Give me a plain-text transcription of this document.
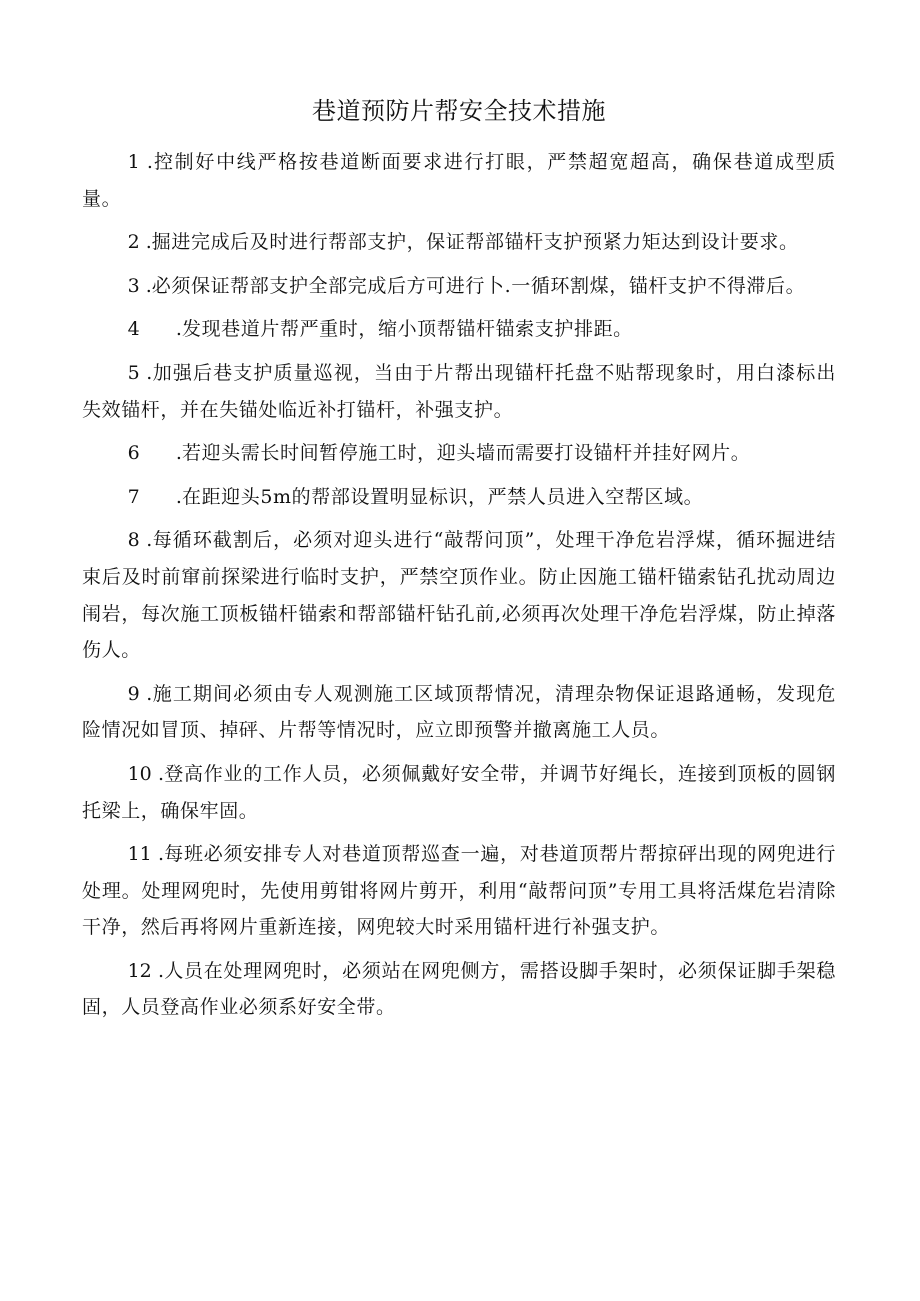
巷道预防片帮安全技术措施

1 .控制好中线严格按巷道断面要求进行打眼，严禁超宽超高，确保巷道成型质量。

2 .掘进完成后及时进行帮部支护，保证帮部锚杆支护预紧力矩达到设计要求。

3 .必须保证帮部支护全部完成后方可进行卜.一循环割煤，锚杆支护不得滞后。

4      .发现巷道片帮严重时，缩小顶帮锚杆锚索支护排距。

5 .加强后巷支护质量巡视，当由于片帮出现锚杆托盘不贴帮现象时，用白漆标出失效锚杆，并在失锚处临近补打锚杆，补强支护。

6      .若迎头需长时间暂停施工时，迎头墙而需要打设锚杆并挂好网片。

7      .在距迎头5m的帮部设置明显标识，严禁人员进入空帮区域。

8 .每循环截割后，必须对迎头进行“敲帮问顶”，处理干净危岩浮煤，循环掘进结束后及时前窜前探梁进行临时支护，严禁空顶作业。防止因施工锚杆锚索钻孔扰动周边闱岩，每次施工顶板锚杆锚索和帮部锚杆钻孔前,必须再次处理干净危岩浮煤，防止掉落伤人。

9 .施工期间必须由专人观测施工区域顶帮情况，清理杂物保证退路通畅，发现危险情况如冒顶、掉砰、片帮等情况时，应立即预警并撤离施工人员。

10 .登高作业的工作人员，必须佩戴好安全带，并调节好绳长，连接到顶板的圆钢托梁上，确保牢固。

11 .每班必须安排专人对巷道顶帮巡查一遍，对巷道顶帮片帮掠砰出现的网兜进行处理。处理网兜时，先使用剪钳将网片剪开，利用“敲帮问顶”专用工具将活煤危岩清除干净，然后再将网片重新连接，网兜较大时采用锚杆进行补强支护。

12 .人员在处理网兜时，必须站在网兜侧方，需搭设脚手架时，必须保证脚手架稳固，人员登高作业必须系好安全带。
